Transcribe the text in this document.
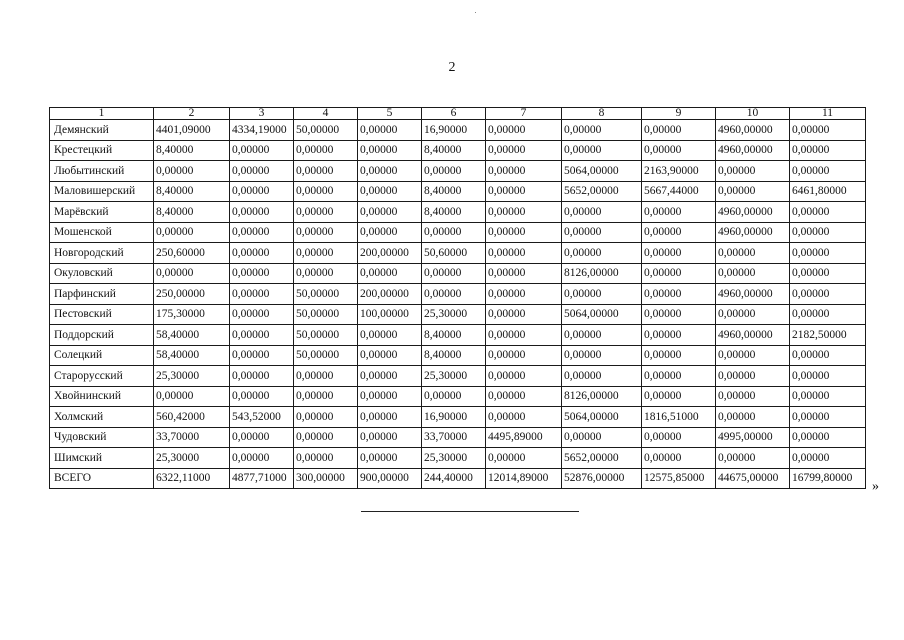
2
1	2	3	4	5	6	7	8	9	10	11
Демянский	4401,09000	4334,19000	50,00000	0,00000	16,90000	0,00000	0,00000	0,00000	4960,00000	0,00000
Крестецкий	8,40000	0,00000	0,00000	0,00000	8,40000	0,00000	0,00000	0,00000	4960,00000	0,00000
Любытинский	0,00000	0,00000	0,00000	0,00000	0,00000	0,00000	5064,00000	2163,90000	0,00000	0,00000
Маловишерский	8,40000	0,00000	0,00000	0,00000	8,40000	0,00000	5652,00000	5667,44000	0,00000	6461,80000
Марёвский	8,40000	0,00000	0,00000	0,00000	8,40000	0,00000	0,00000	0,00000	4960,00000	0,00000
Мошенской	0,00000	0,00000	0,00000	0,00000	0,00000	0,00000	0,00000	0,00000	4960,00000	0,00000
Новгородский	250,60000	0,00000	0,00000	200,00000	50,60000	0,00000	0,00000	0,00000	0,00000	0,00000
Окуловский	0,00000	0,00000	0,00000	0,00000	0,00000	0,00000	8126,00000	0,00000	0,00000	0,00000
Парфинский	250,00000	0,00000	50,00000	200,00000	0,00000	0,00000	0,00000	0,00000	4960,00000	0,00000
Пестовский	175,30000	0,00000	50,00000	100,00000	25,30000	0,00000	5064,00000	0,00000	0,00000	0,00000
Поддорский	58,40000	0,00000	50,00000	0,00000	8,40000	0,00000	0,00000	0,00000	4960,00000	2182,50000
Солецкий	58,40000	0,00000	50,00000	0,00000	8,40000	0,00000	0,00000	0,00000	0,00000	0,00000
Старорусский	25,30000	0,00000	0,00000	0,00000	25,30000	0,00000	0,00000	0,00000	0,00000	0,00000
Хвойнинский	0,00000	0,00000	0,00000	0,00000	0,00000	0,00000	8126,00000	0,00000	0,00000	0,00000
Холмский	560,42000	543,52000	0,00000	0,00000	16,90000	0,00000	5064,00000	1816,51000	0,00000	0,00000
Чудовский	33,70000	0,00000	0,00000	0,00000	33,70000	4495,89000	0,00000	0,00000	4995,00000	0,00000
Шимский	25,30000	0,00000	0,00000	0,00000	25,30000	0,00000	5652,00000	0,00000	0,00000	0,00000
ВСЕГО	6322,11000	4877,71000	300,00000	900,00000	244,40000	12014,89000	52876,00000	12575,85000	44675,00000	16799,80000
»
